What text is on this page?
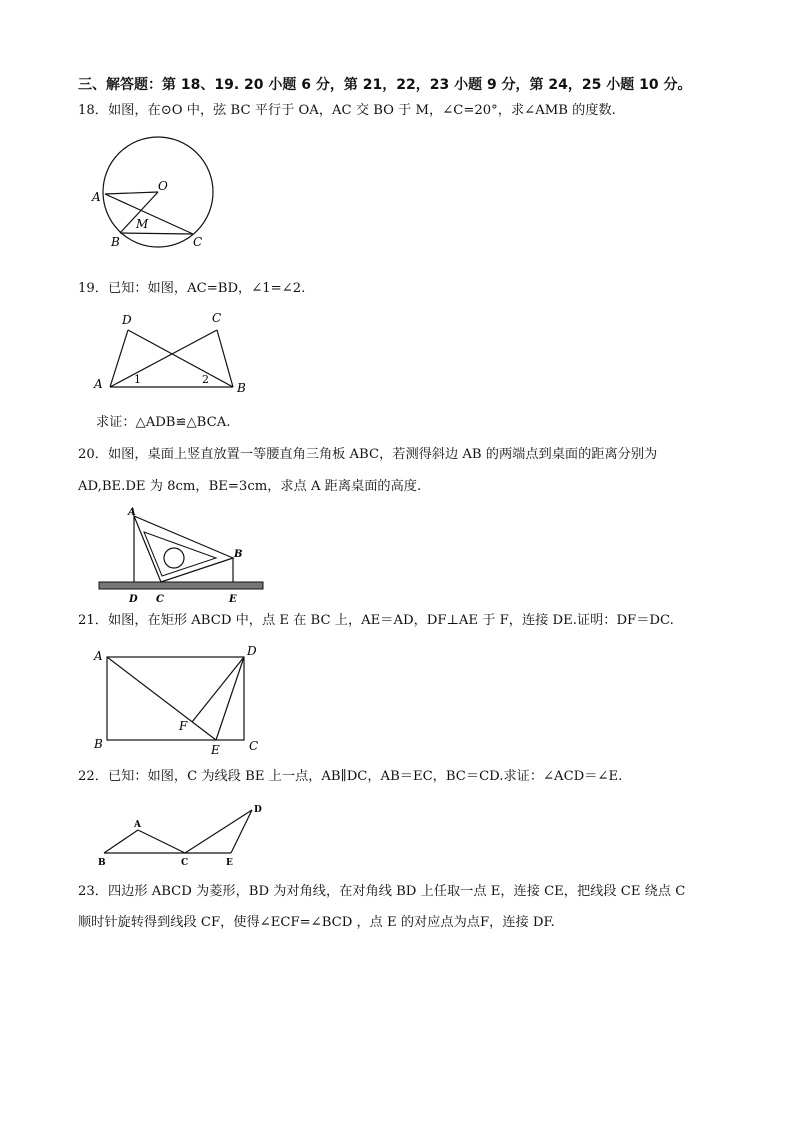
三、解答题：第 18、19. 20 小题 6 分，第 21，22，23 小题 9 分，第 24，25 小题 10 分。
18．如图，在⊙O 中，弦 BC 平行于 OA，AC 交 BO 于 M，∠C=20°，求∠AMB 的度数.
A
O
M
B	C
19．已知：如图，AC=BD，∠1=∠2.
D	C
A	B
1	2
求证：△ADB≌△BCA.
20．如图，桌面上竖直放置一等腰直角三角板 ABC，若测得斜边 AB 的两端点到桌面的距离分别为
AD,BE.DE 为 8cm，BE=3cm，求点 A 距离桌面的高度.
A
B
D C	E
21．如图，在矩形 ABCD 中，点 E 在 BC 上，AE＝AD，DF⊥AE 于 F，连接 DE.证明：DF＝DC.
A	D
B	C
E
F
22．已知：如图，C 为线段 BE 上一点，AB∥DC，AB＝EC，BC＝CD.求证：∠ACD＝∠E.
A
B	C
D
E
23．四边形 ABCD 为菱形，BD 为对角线，在对角线 BD 上任取一点 E，连接 CE，把线段 CE 绕点 C
顺时针旋转得到线段 CF，使得∠ECF=∠BCD ，点 E 的对应点为点F，连接 DF.
